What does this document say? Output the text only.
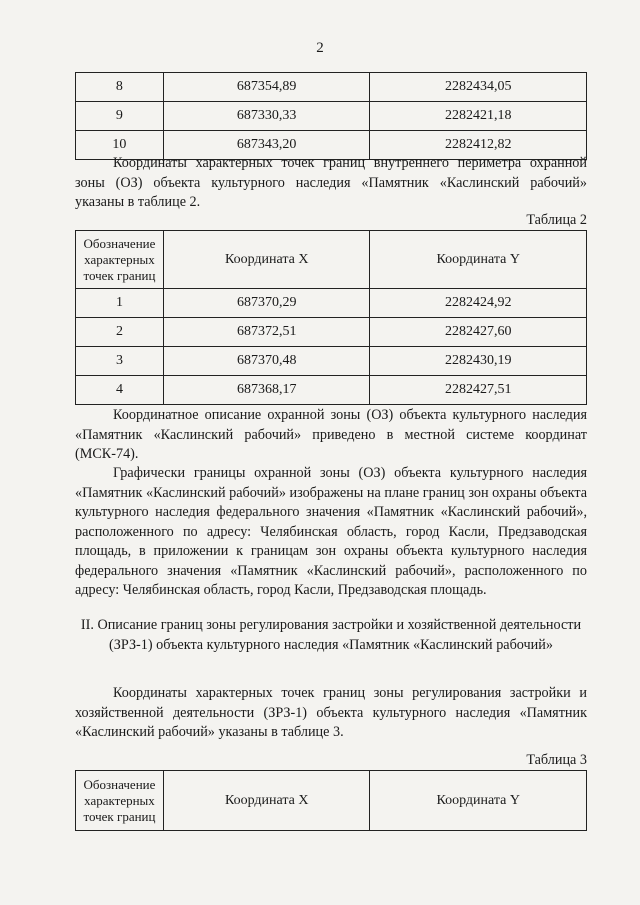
2
8	687354,89	2282434,05
9	687330,33	2282421,18
10	687343,20	2282412,82

Координаты характерных точек границ внутреннего периметра охранной зоны (ОЗ) объекта культурного наследия «Памятник «Каслинский рабочий» указаны в таблице 2.

Таблица 2
Обозначение характерных точек границ	Координата X	Координата Y
1	687370,29	2282424,92
2	687372,51	2282427,60
3	687370,48	2282430,19
4	687368,17	2282427,51

Координатное описание охранной зоны (ОЗ) объекта культурного наследия «Памятник «Каслинский рабочий» приведено в местной системе координат (МСК-74).

Графически границы охранной зоны (ОЗ) объекта культурного наследия «Памятник «Каслинский рабочий» изображены на плане границ зон охраны объекта культурного наследия федерального значения «Памятник «Каслинский рабочий», расположенного по адресу: Челябинская область, город Касли, Предзаводская площадь, в приложении к границам зон охраны объекта культурного наследия федерального значения «Памятник «Каслинский рабочий», расположенного по адресу: Челябинская область, город Касли, Предзаводская площадь.

II. Описание границ зоны регулирования застройки и хозяйственной деятельности (ЗРЗ-1) объекта культурного наследия «Памятник «Каслинский рабочий»

Координаты характерных точек границ зоны регулирования застройки и хозяйственной деятельности (ЗРЗ-1) объекта культурного наследия «Памятник «Каслинский рабочий» указаны в таблице 3.

Таблица 3
Обозначение характерных точек границ	Координата X	Координата Y
